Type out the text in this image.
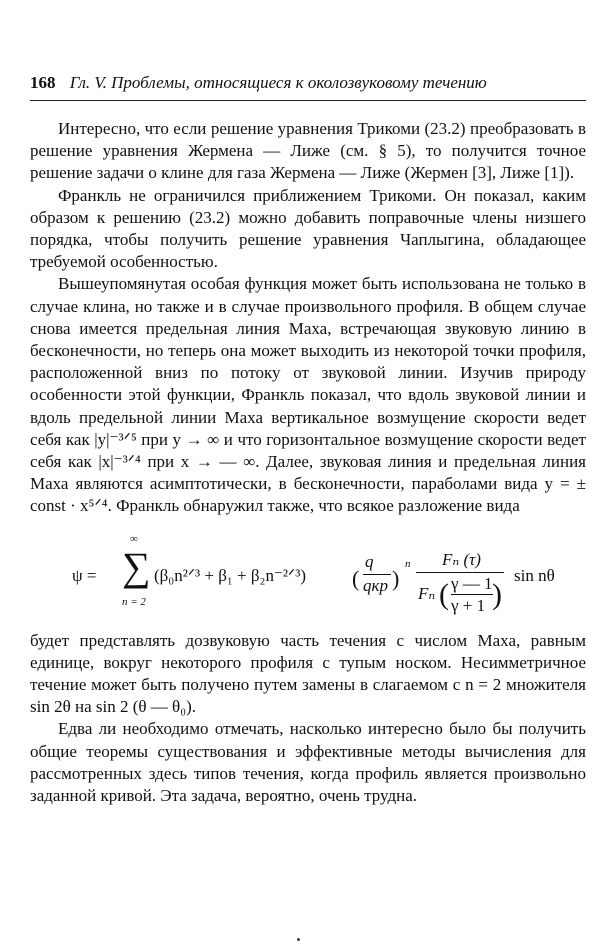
168 Гл. V. Проблемы, относящиеся к околозвуковому течению

Интересно, что если решение уравнения Трикоми (23.2) преобразовать в решение уравнения Жермена — Лиже (см. § 5), то получится точное решение задачи о клине для газа Жермена — Лиже (Жермен [3], Лиже [1]).

Франкль не ограничился приближением Трикоми. Он показал, каким образом к решению (23.2) можно добавить поправочные члены низшего порядка, чтобы получить решение уравнения Чаплыгина, обладающее требуемой особенностью.

Вышеупомянутая особая функция может быть использована не только в случае клина, но также и в случае произвольного профиля. В общем случае снова имеется предельная линия Маха, встречающая звуковую линию в бесконечности, но теперь она может выходить из некоторой точки профиля, расположенной вниз по потоку от звуковой линии. Изучив природу особенности этой функции, Франкль показал, что вдоль звуковой линии и вдоль предельной линии Маха вертикальное возмущение скорости ведет себя как |y|⁻³ᐟ⁵ при y → ∞ и что горизонтальное возмущение скорости ведет себя как |x|⁻³ᐟ⁴ при x → — ∞. Далее, звуковая линия и предельная линия Маха являются асимптотически, в бесконечности, параболами вида y = ± const · x⁵ᐟ⁴. Франкль обнаружил также, что всякое разложение вида

ψ = ∑
∞
n = 2
(β₀n²ᐟ³ + β₁ + β₂n⁻²ᐟ³) (
q
qкр )
n Fₙ (τ)
Fₙ ( γ — 1
γ + 1 )
sin nθ

будет представлять дозвуковую часть течения с числом Маха, равным единице, вокруг некоторого профиля с тупым носком. Несимметричное течение может быть получено путем замены в слагаемом с n = 2 множителя sin 2θ на sin 2 (θ — θ₀).

Едва ли необходимо отмечать, насколько интересно было бы получить общие теоремы существования и эффективные методы вычисления для рассмотренных здесь типов течения, когда профиль является произвольно заданной кривой. Эта задача, вероятно, очень трудна.
